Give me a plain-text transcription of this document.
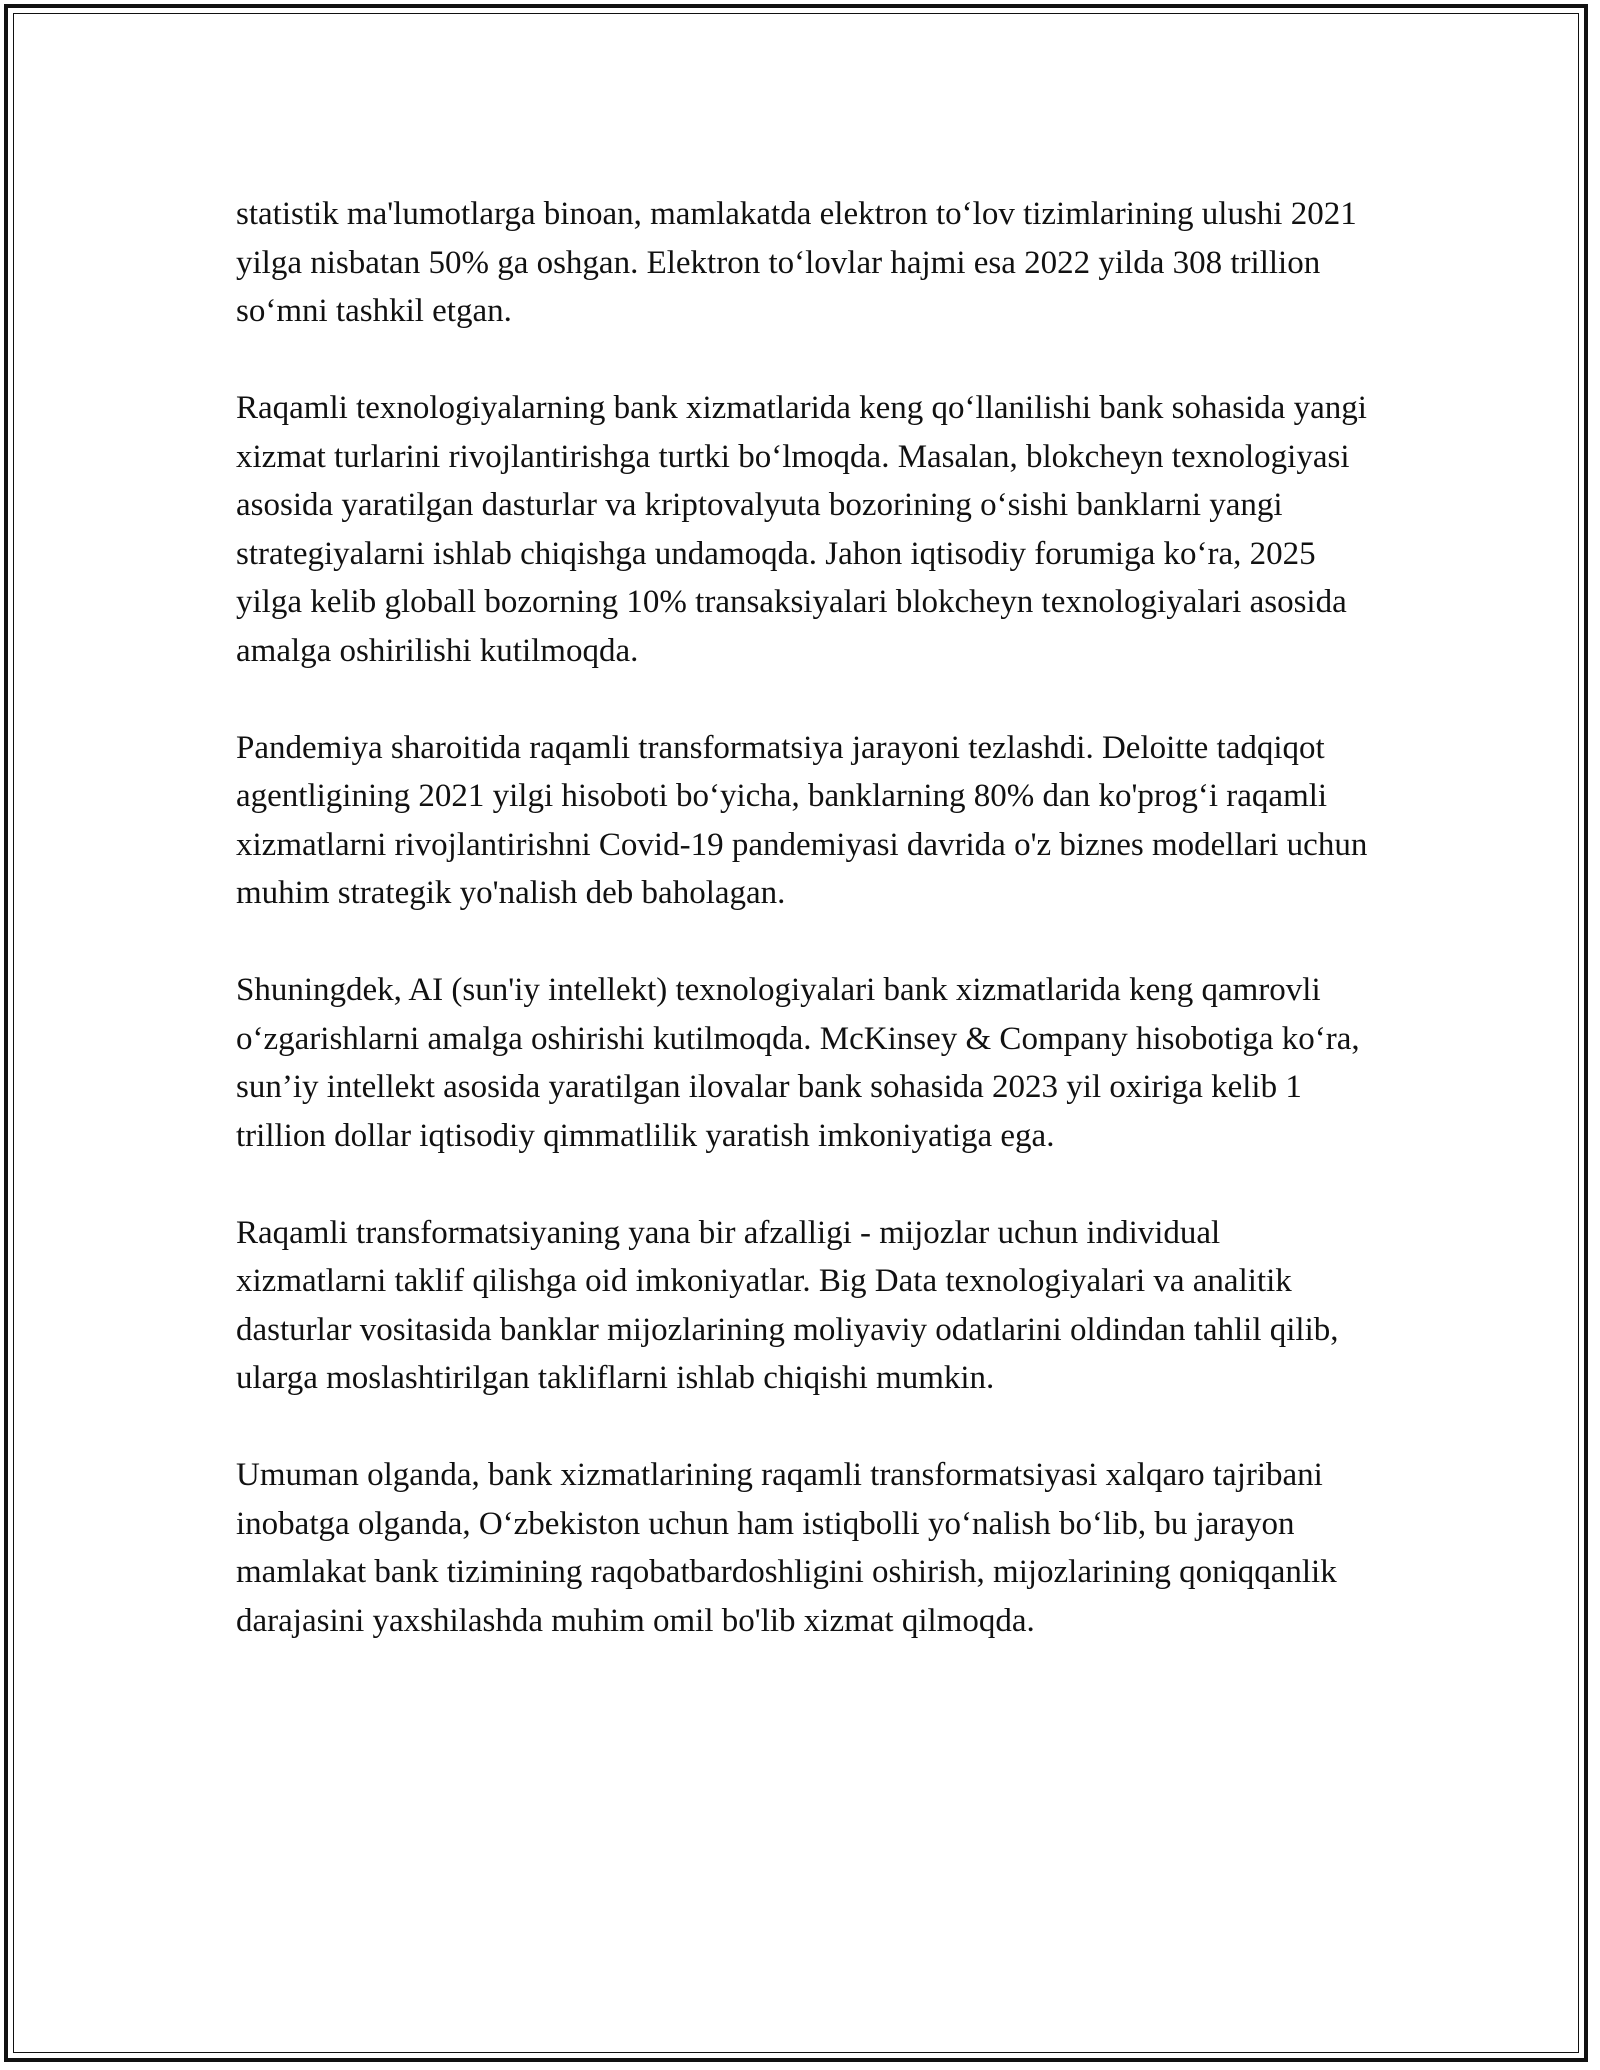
statistik ma'lumotlarga binoan, mamlakatda elektron to‘lov tizimlarining ulushi 2021 yilga nisbatan 50% ga oshgan. Elektron to‘lovlar hajmi esa 2022 yilda 308 trillion so‘mni tashkil etgan.

Raqamli texnologiyalarning bank xizmatlarida keng qo‘llanilishi bank sohasida yangi xizmat turlarini rivojlantirishga turtki bo‘lmoqda. Masalan, blokcheyn texnologiyasi asosida yaratilgan dasturlar va kriptovalyuta bozorining o‘sishi banklarni yangi strategiyalarni ishlab chiqishga undamoqda. Jahon iqtisodiy forumiga ko‘ra, 2025 yilga kelib globall bozorning 10% transaksiyalari blokcheyn texnologiyalari asosida amalga oshirilishi kutilmoqda.

Pandemiya sharoitida raqamli transformatsiya jarayoni tezlashdi. Deloitte tadqiqot agentligining 2021 yilgi hisoboti bo‘yicha, banklarning 80% dan ko'prog‘i raqamli xizmatlarni rivojlantirishni Covid-19 pandemiyasi davrida o'z biznes modellari uchun muhim strategik yo'nalish deb baholagan.

Shuningdek, AI (sun'iy intellekt) texnologiyalari bank xizmatlarida keng qamrovli o‘zgarishlarni amalga oshirishi kutilmoqda. McKinsey & Company hisobotiga ko‘ra, sun’iy intellekt asosida yaratilgan ilovalar bank sohasida 2023 yil oxiriga kelib 1 trillion dollar iqtisodiy qimmatlilik yaratish imkoniyatiga ega.

Raqamli transformatsiyaning yana bir afzalligi - mijozlar uchun individual xizmatlarni taklif qilishga oid imkoniyatlar. Big Data texnologiyalari va analitik dasturlar vositasida banklar mijozlarining moliyaviy odatlarini oldindan tahlil qilib, ularga moslashtirilgan takliflarni ishlab chiqishi mumkin.

Umuman olganda, bank xizmatlarining raqamli transformatsiyasi xalqaro tajribani inobatga olganda, O‘zbekiston uchun ham istiqbolli yo‘nalish bo‘lib, bu jarayon mamlakat bank tizimining raqobatbardoshligini oshirish, mijozlarining qoniqqanlik darajasini yaxshilashda muhim omil bo'lib xizmat qilmoqda.
